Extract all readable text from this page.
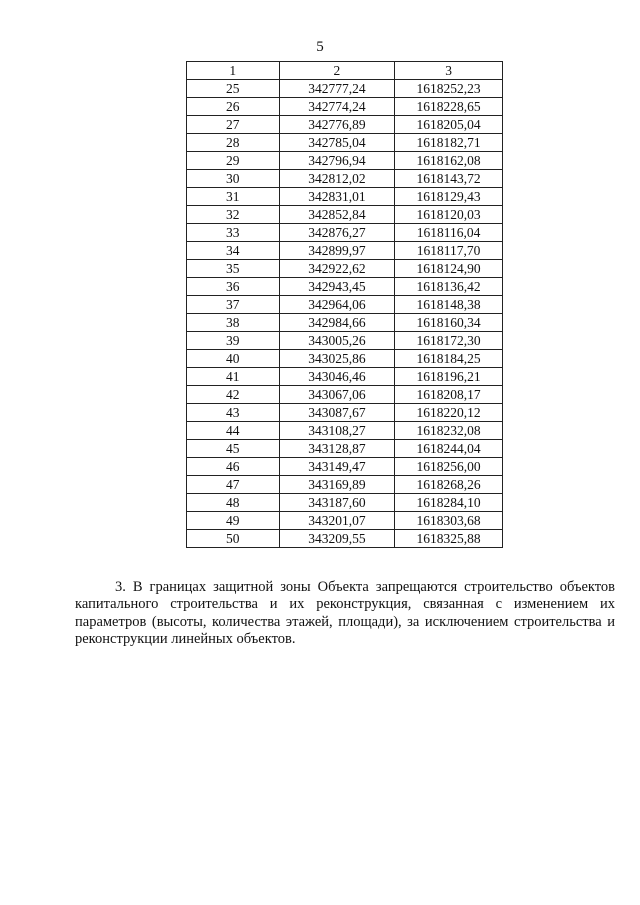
5
1	2	3
25	342777,24	1618252,23
26	342774,24	1618228,65
27	342776,89	1618205,04
28	342785,04	1618182,71
29	342796,94	1618162,08
30	342812,02	1618143,72
31	342831,01	1618129,43
32	342852,84	1618120,03
33	342876,27	1618116,04
34	342899,97	1618117,70
35	342922,62	1618124,90
36	342943,45	1618136,42
37	342964,06	1618148,38
38	342984,66	1618160,34
39	343005,26	1618172,30
40	343025,86	1618184,25
41	343046,46	1618196,21
42	343067,06	1618208,17
43	343087,67	1618220,12
44	343108,27	1618232,08
45	343128,87	1618244,04
46	343149,47	1618256,00
47	343169,89	1618268,26
48	343187,60	1618284,10
49	343201,07	1618303,68
50	343209,55	1618325,88

3. В границах защитной зоны Объекта запрещаются строительство объектов капитального строительства и их реконструкция, связанная с изменением их параметров (высоты, количества этажей, площади), за исключением строительства и реконструкции линейных объектов.
